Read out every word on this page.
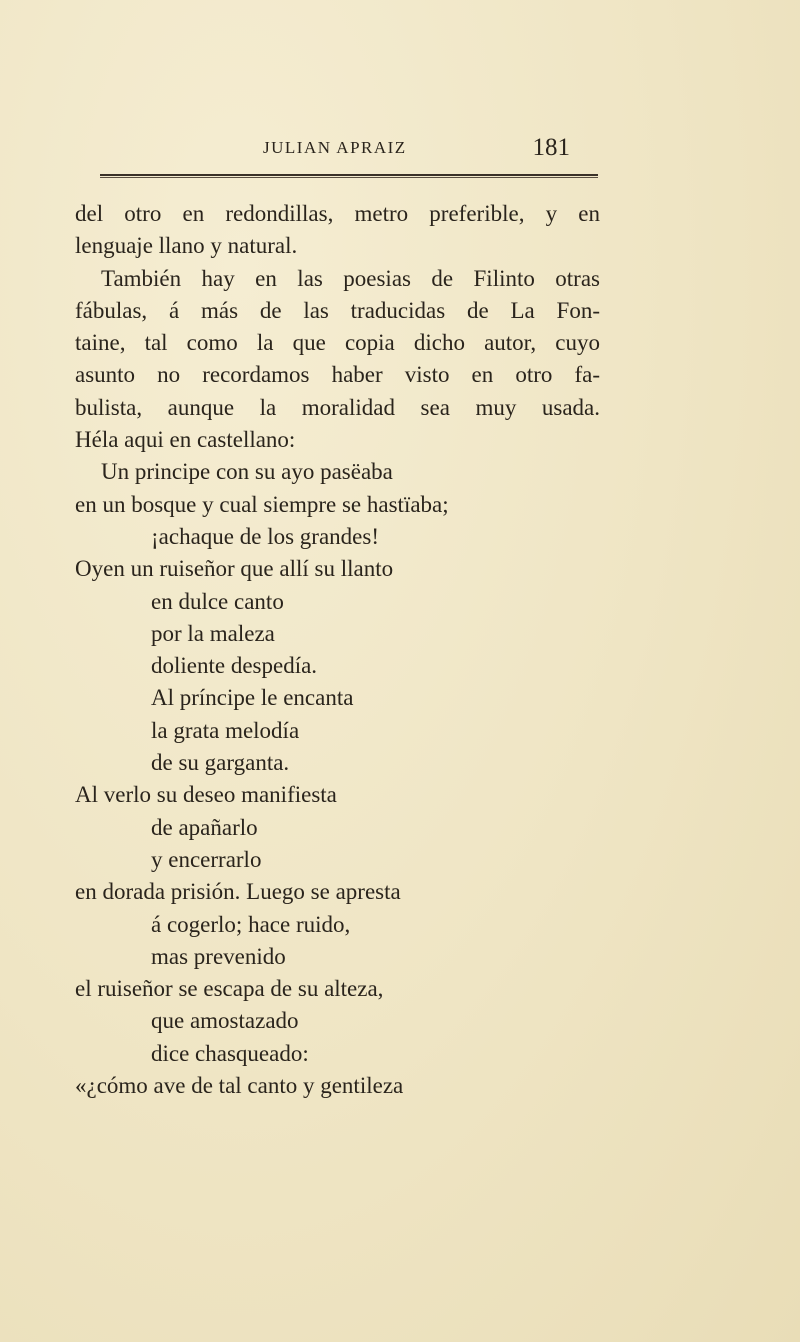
JULIAN APRAIZ	181
del otro en redondillas, metro preferible, y en
lenguaje llano y natural.
También hay en las poesias de Filinto otras
fábulas, á más de las traducidas de La Fon-
taine, tal como la que copia dicho autor, cuyo
asunto no recordamos haber visto en otro fa-
bulista, aunque la moralidad sea muy usada.
Héla aqui en castellano:
Un principe con su ayo pasëaba
en un bosque y cual siempre se hastïaba;
¡achaque de los grandes!
Oyen un ruiseñor que allí su llanto
en dulce canto
por la maleza
doliente despedía.
Al príncipe le encanta
la grata melodía
de su garganta.
Al verlo su deseo manifiesta
de apañarlo
y encerrarlo
en dorada prisión. Luego se apresta
á cogerlo; hace ruido,
mas prevenido
el ruiseñor se escapa de su alteza,
que amostazado
dice chasqueado:
«¿cómo ave de tal canto y gentileza
